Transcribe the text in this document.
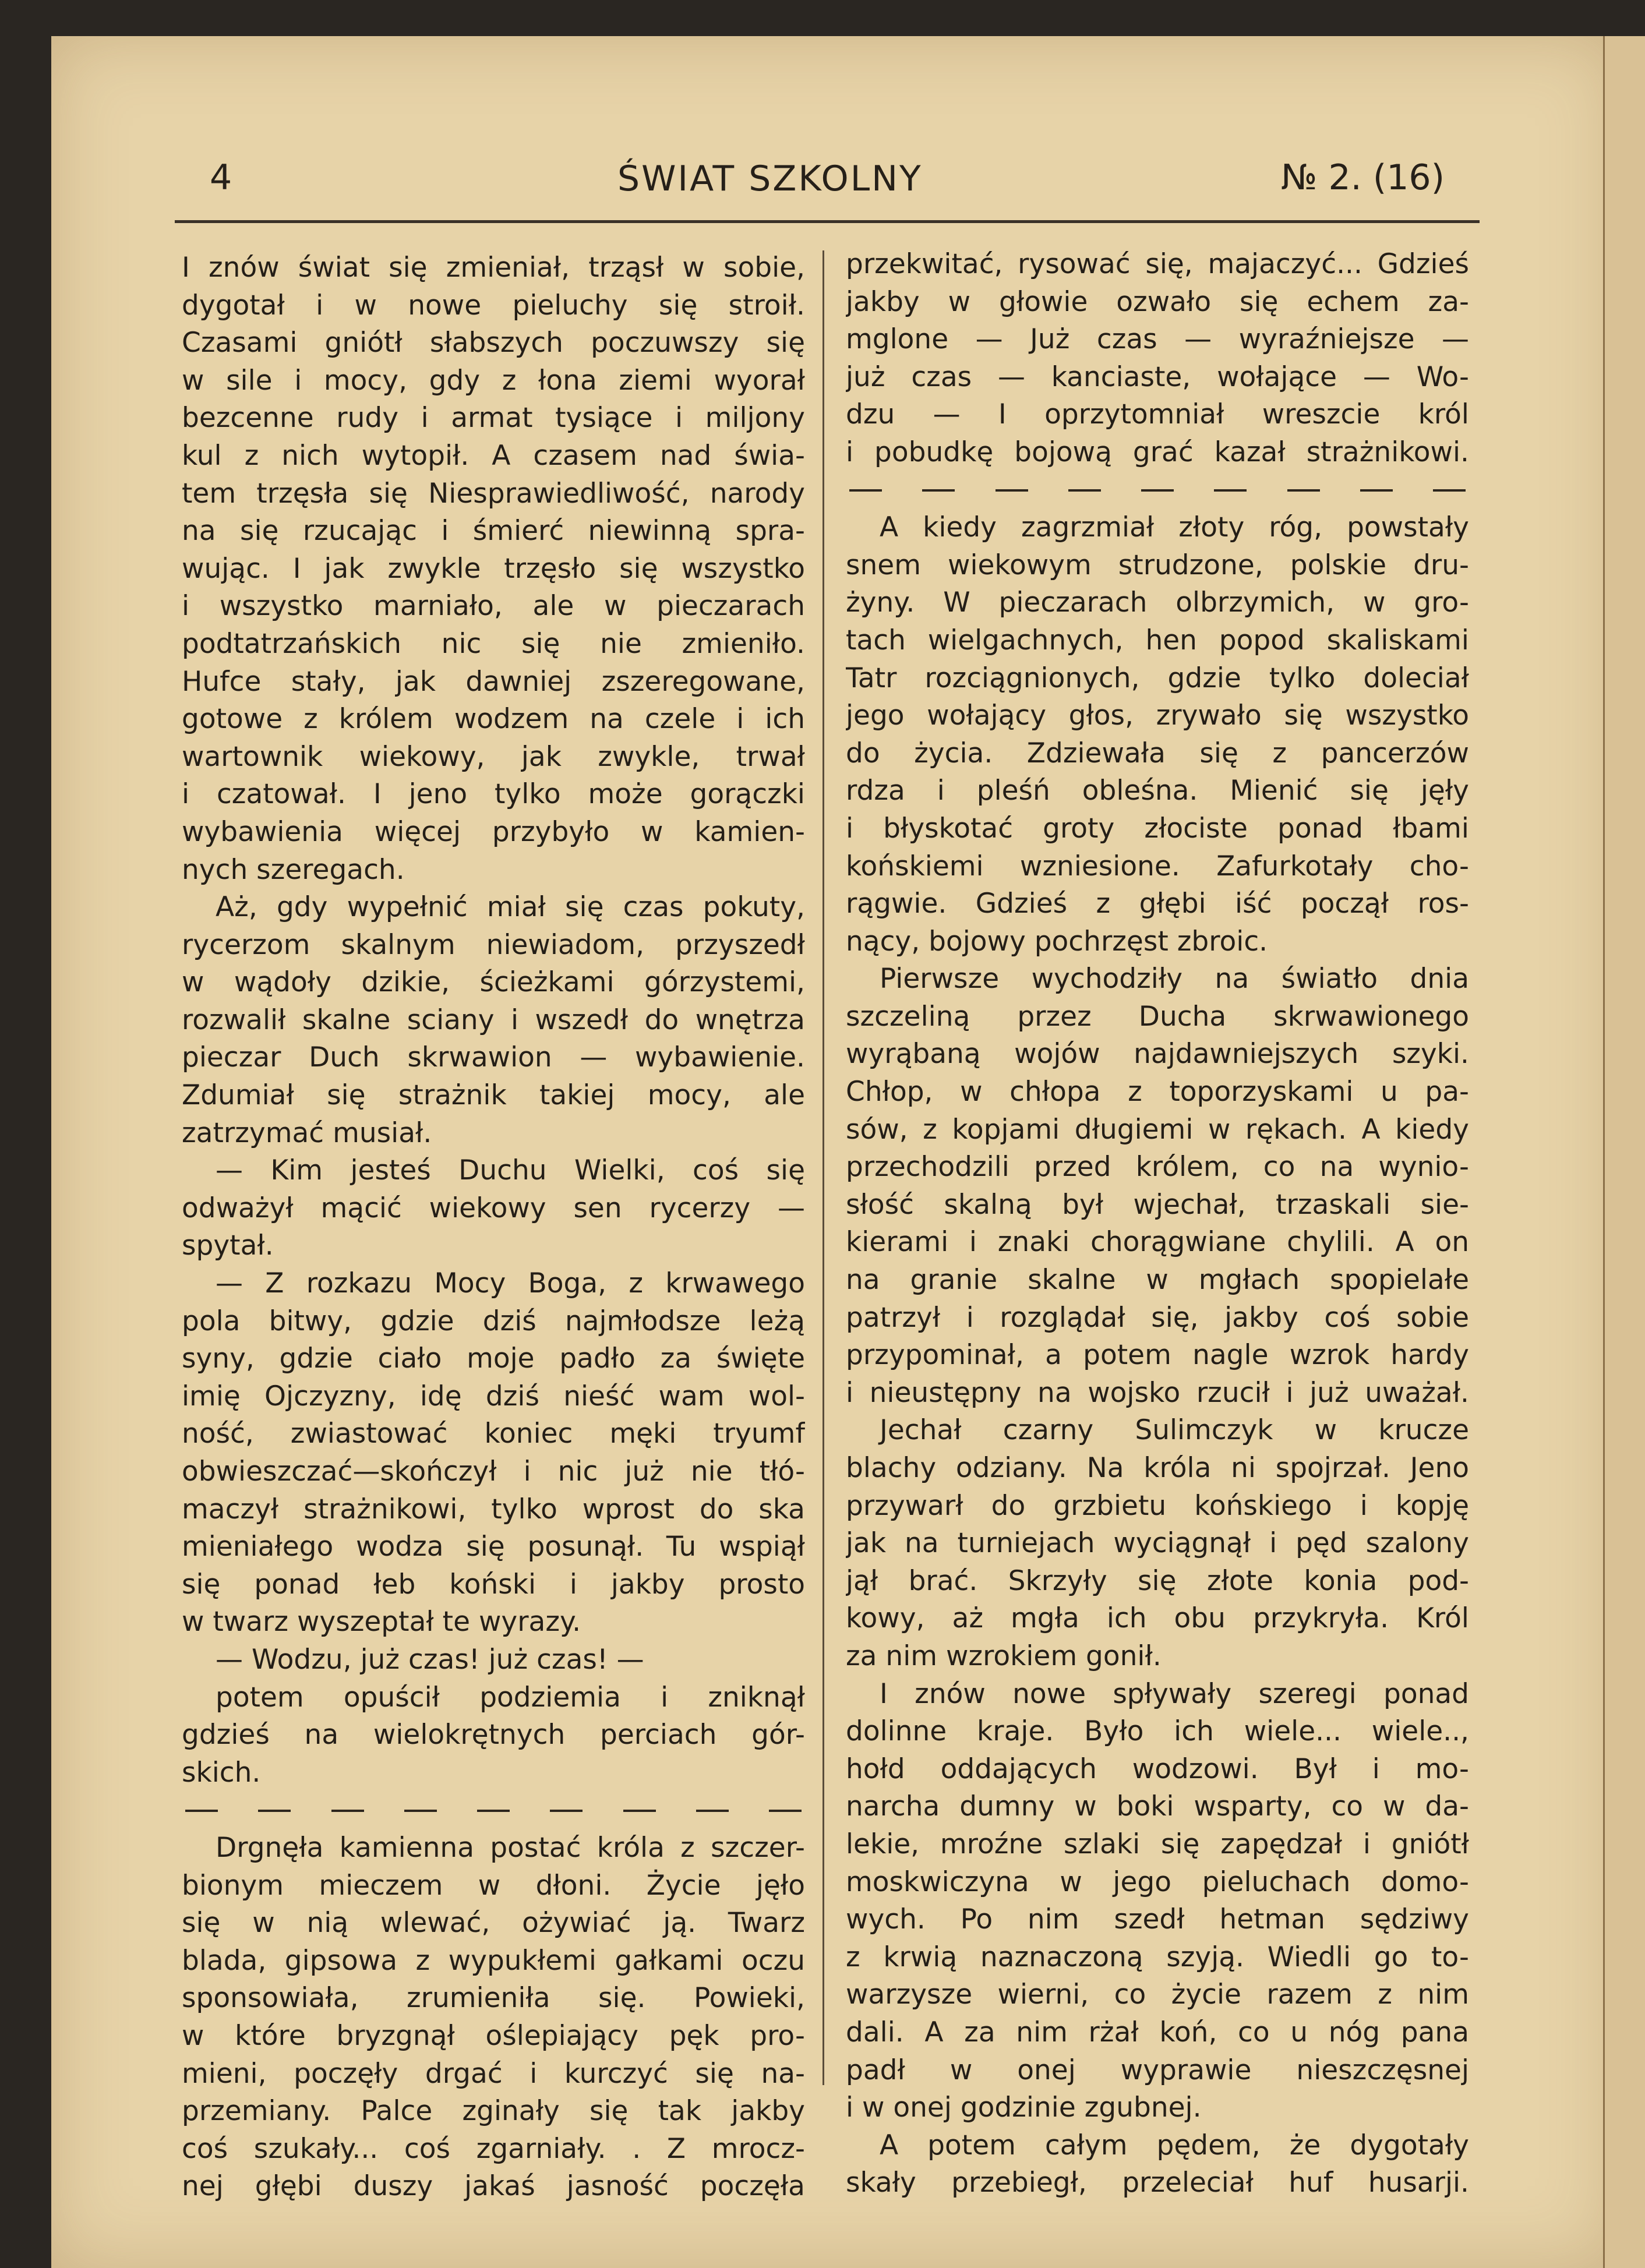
4	ŚWIAT SZKOLNY	№ 2. (16)
I znów świat się zmieniał, trząsł w sobie,
dygotał i w nowe pieluchy się stroił.
Czasami gniótł słabszych poczuwszy się
w sile i mocy, gdy z łona ziemi wyorał
bezcenne rudy i armat tysiące i miljony
kul z nich wytopił. A czasem nad świa-
tem trzęsła się Niesprawiedliwość, narody
na się rzucając i śmierć niewinną spra-
wując. I jak zwykle trzęsło się wszystko
i wszystko marniało, ale w pieczarach
podtatrzańskich nic się nie zmieniło.
Hufce stały, jak dawniej zszeregowane,
gotowe z królem wodzem na czele i ich
wartownik wiekowy, jak zwykle, trwał
i czatował. I jeno tylko może gorączki
wybawienia więcej przybyło w kamien-
nych szeregach.
Aż, gdy wypełnić miał się czas pokuty,
rycerzom skalnym niewiadom, przyszedł
w wądoły dzikie, ścieżkami górzystemi,
rozwalił skalne sciany i wszedł do wnętrza
pieczar Duch skrwawion — wybawienie.
Zdumiał się strażnik takiej mocy, ale
zatrzymać musiał.
— Kim jesteś Duchu Wielki, coś się
odważył mącić wiekowy sen rycerzy —
spytał.
— Z rozkazu Mocy Boga, z krwawego
pola bitwy, gdzie dziś najmłodsze leżą
syny, gdzie ciało moje padło za święte
imię Ojczyzny, idę dziś nieść wam wol-
ność, zwiastować koniec męki tryumf
obwieszczać—skończył i nic już nie tłó-
maczył strażnikowi, tylko wprost do ska
mieniałego wodza się posunął. Tu wspiął
się ponad łeb koński i jakby prosto
w twarz wyszeptał te wyrazy.
— Wodzu, już czas! już czas! —
potem opuścił podziemia i zniknął
gdzieś na wielokrętnych perciach gór-
skich.
Drgnęła kamienna postać króla z szczer-
bionym mieczem w dłoni. Życie jęło
się w nią wlewać, ożywiać ją. Twarz
blada, gipsowa z wypukłemi gałkami oczu
sponsowiała, zrumieniła się. Powieki,
w które bryzgnął oślepiający pęk pro-
mieni, poczęły drgać i kurczyć się na-
przemiany. Palce zginały się tak jakby
coś szukały... coś zgarniały. . Z mrocz-
nej głębi duszy jakaś jasność poczęła
przekwitać, rysować się, majaczyć... Gdzieś
jakby w głowie ozwało się echem za-
mglone — Już czas — wyraźniejsze —
już czas — kanciaste, wołające — Wo-
dzu — I oprzytomniał wreszcie król
i pobudkę bojową grać kazał strażnikowi.
A kiedy zagrzmiał złoty róg, powstały
snem wiekowym strudzone, polskie dru-
żyny. W pieczarach olbrzymich, w gro-
tach wielgachnych, hen popod skaliskami
Tatr rozciągnionych, gdzie tylko doleciał
jego wołający głos, zrywało się wszystko
do życia. Zdziewała się z pancerzów
rdza i pleśń obleśna. Mienić się jęły
i błyskotać groty złociste ponad łbami
końskiemi wzniesione. Zafurkotały cho-
rągwie. Gdzieś z głębi iść począł ros-
nący, bojowy pochrzęst zbroic.
Pierwsze wychodziły na światło dnia
szczeliną przez Ducha skrwawionego
wyrąbaną wojów najdawniejszych szyki.
Chłop, w chłopa z toporzyskami u pa-
sów, z kopjami długiemi w rękach. A kiedy
przechodzili przed królem, co na wynio-
słość skalną był wjechał, trzaskali sie-
kierami i znaki chorągwiane chylili. A on
na granie skalne w mgłach spopielałe
patrzył i rozglądał się, jakby coś sobie
przypominał, a potem nagle wzrok hardy
i nieustępny na wojsko rzucił i już uważał.
Jechał czarny Sulimczyk w krucze
blachy odziany. Na króla ni spojrzał. Jeno
przywarł do grzbietu końskiego i kopję
jak na turniejach wyciągnął i pęd szalony
jął brać. Skrzyły się złote konia pod-
kowy, aż mgła ich obu przykryła. Król
za nim wzrokiem gonił.
I znów nowe spływały szeregi ponad
dolinne kraje. Było ich wiele... wiele..,
hołd oddających wodzowi. Był i mo-
narcha dumny w boki wsparty, co w da-
lekie, mroźne szlaki się zapędzał i gniótł
moskwiczyna w jego pieluchach domo-
wych. Po nim szedł hetman sędziwy
z krwią naznaczoną szyją. Wiedli go to-
warzysze wierni, co życie razem z nim
dali. A za nim rżał koń, co u nóg pana
padł w onej wyprawie nieszczęsnej
i w onej godzinie zgubnej.
A potem całym pędem, że dygotały
skały przebiegł, przeleciał huf husarji.
